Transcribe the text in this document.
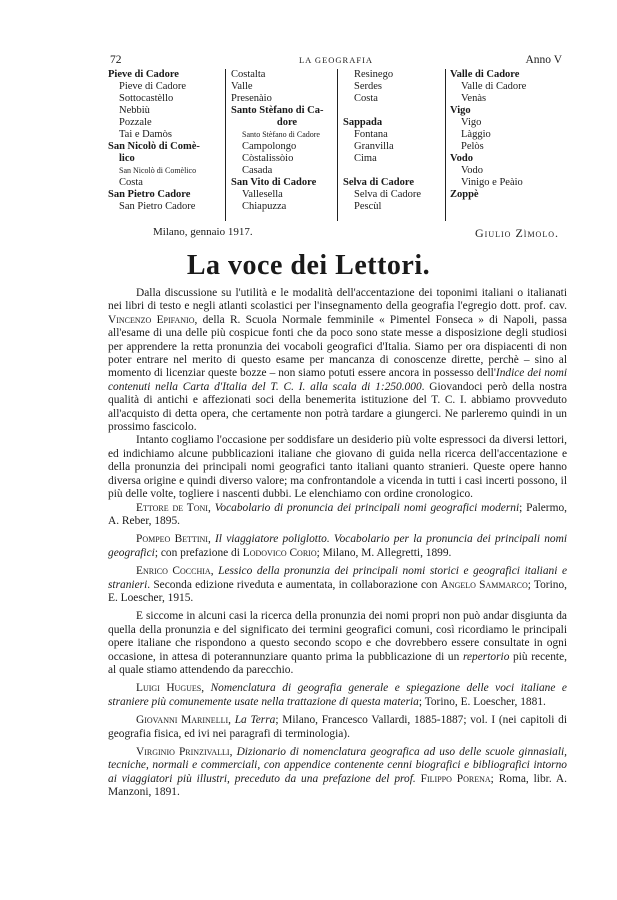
72	LA GEOGRAFIA	Anno V
Pieve di Cadore
Pieve di Cadore
Sottocastèllo
Nebbiù
Pozzale
Tai e Damòs
San Nicolò di Comè-
lico
San Nicolò di Comèlico
Costa
San Pietro Cadore
San Pietro Cadore
Costalta
Valle
Presenàio
Santo Stèfano di Ca-
dore
Santo Stèfano di Cadore
Campolongo
Còstalissòio
Casada
San Vito di Cadore
Vallesella
Chiapuzza
Resinego
Serdes
Costa

Sappada
Fontana
Granvilla
Cima

Selva di Cadore
Selva di Cadore
Pescùl
Valle di Cadore
Valle di Cadore
Venàs
Vigo
Vigo
Làggio
Pelòs
Vodo
Vodo
Vinigo e Peàio
Zoppè
Milano, gennaio 1917.	Giulio Zìmolo.
La voce dei Lettori.

Dalla discussione su l'utilità e le modalità dell'accentazione dei toponimi italiani o italianati nei libri di testo e negli atlanti scolastici per l'insegnamento della geografia l'egregio dott. prof. cav. Vincenzo Epifanio, della R. Scuola Normale femminile « Pimentel Fonseca » di Napoli, passa all'esame di una delle più cospicue fonti che da poco sono state messe a disposizione degli studiosi per apprendere la retta pronunzia dei vocaboli geografici d'Italia. Siamo per ora dispiacenti di non poter entrare nel merito di questo esame per mancanza di conoscenze dirette, perchè – sino al momento di licenziar queste bozze – non siamo potuti essere ancora in possesso dell'Indice dei nomi contenuti nella Carta d'Italia del T. C. I. alla scala di 1:250.000. Giovandoci però della nostra qualità di antichi e affezionati soci della benemerita istituzione del T. C. I. abbiamo provveduto all'acquisto di detta opera, che certamente non potrà tardare a giungerci. Ne parleremo quindi in un prossimo fascicolo.

Intanto cogliamo l'occasione per soddisfare un desiderio più volte espressoci da diversi lettori, ed indichiamo alcune pubblicazioni italiane che giovano di guida nella ricerca dell'accentazione e della pronunzia dei principali nomi geografici tanto italiani quanto stranieri. Queste opere hanno diversa origine e quindi diverso valore; ma confrontandole a vicenda in tutti i casi incerti possono, il più delle volte, togliere i nascenti dubbi. Le elenchiamo con ordine cronologico.

Ettore de Toni, Vocabolario di pronuncia dei principali nomi geografici moderni; Palermo, A. Reber, 1895.

Pompeo Bettini, Il viaggiatore poliglotto. Vocabolario per la pronuncia dei principali nomi geografici; con prefazione di Lodovico Corio; Milano, M. Allegretti, 1899.

Enrico Cocchia, Lessico della pronunzia dei principali nomi storici e geografici italiani e stranieri. Seconda edizione riveduta e aumentata, in collaborazione con Angelo Sammarco; Torino, E. Loescher, 1915.

E siccome in alcuni casi la ricerca della pronunzia dei nomi propri non può andar disgiunta da quella della pronunzia e del significato dei termini geografici comuni, così ricordiamo le principali opere italiane che rispondono a questo secondo scopo e che dovrebbero essere consultate in ogni occasione, in attesa di poterannunziare quanto prima la pubblicazione di un repertorio più recente, al quale stiamo attendendo da parecchio.

Luigi Hugues, Nomenclatura di geografia generale e spiegazione delle voci italiane e straniere più comunemente usate nella trattazione di questa materia; Torino, E. Loescher, 1881.

Giovanni Marinelli, La Terra; Milano, Francesco Vallardi, 1885-1887; vol. I (nei capitoli di geografia fisica, ed ivi nei paragrafi di terminologia).

Virginio Prinzivalli, Dizionario di nomenclatura geografica ad uso delle scuole ginnasiali, tecniche, normali e commerciali, con appendice contenente cenni biografici e bibliografici intorno ai viaggiatori più illustri, preceduto da una prefazione del prof. Filippo Porena; Roma, libr. A. Manzoni, 1891.
